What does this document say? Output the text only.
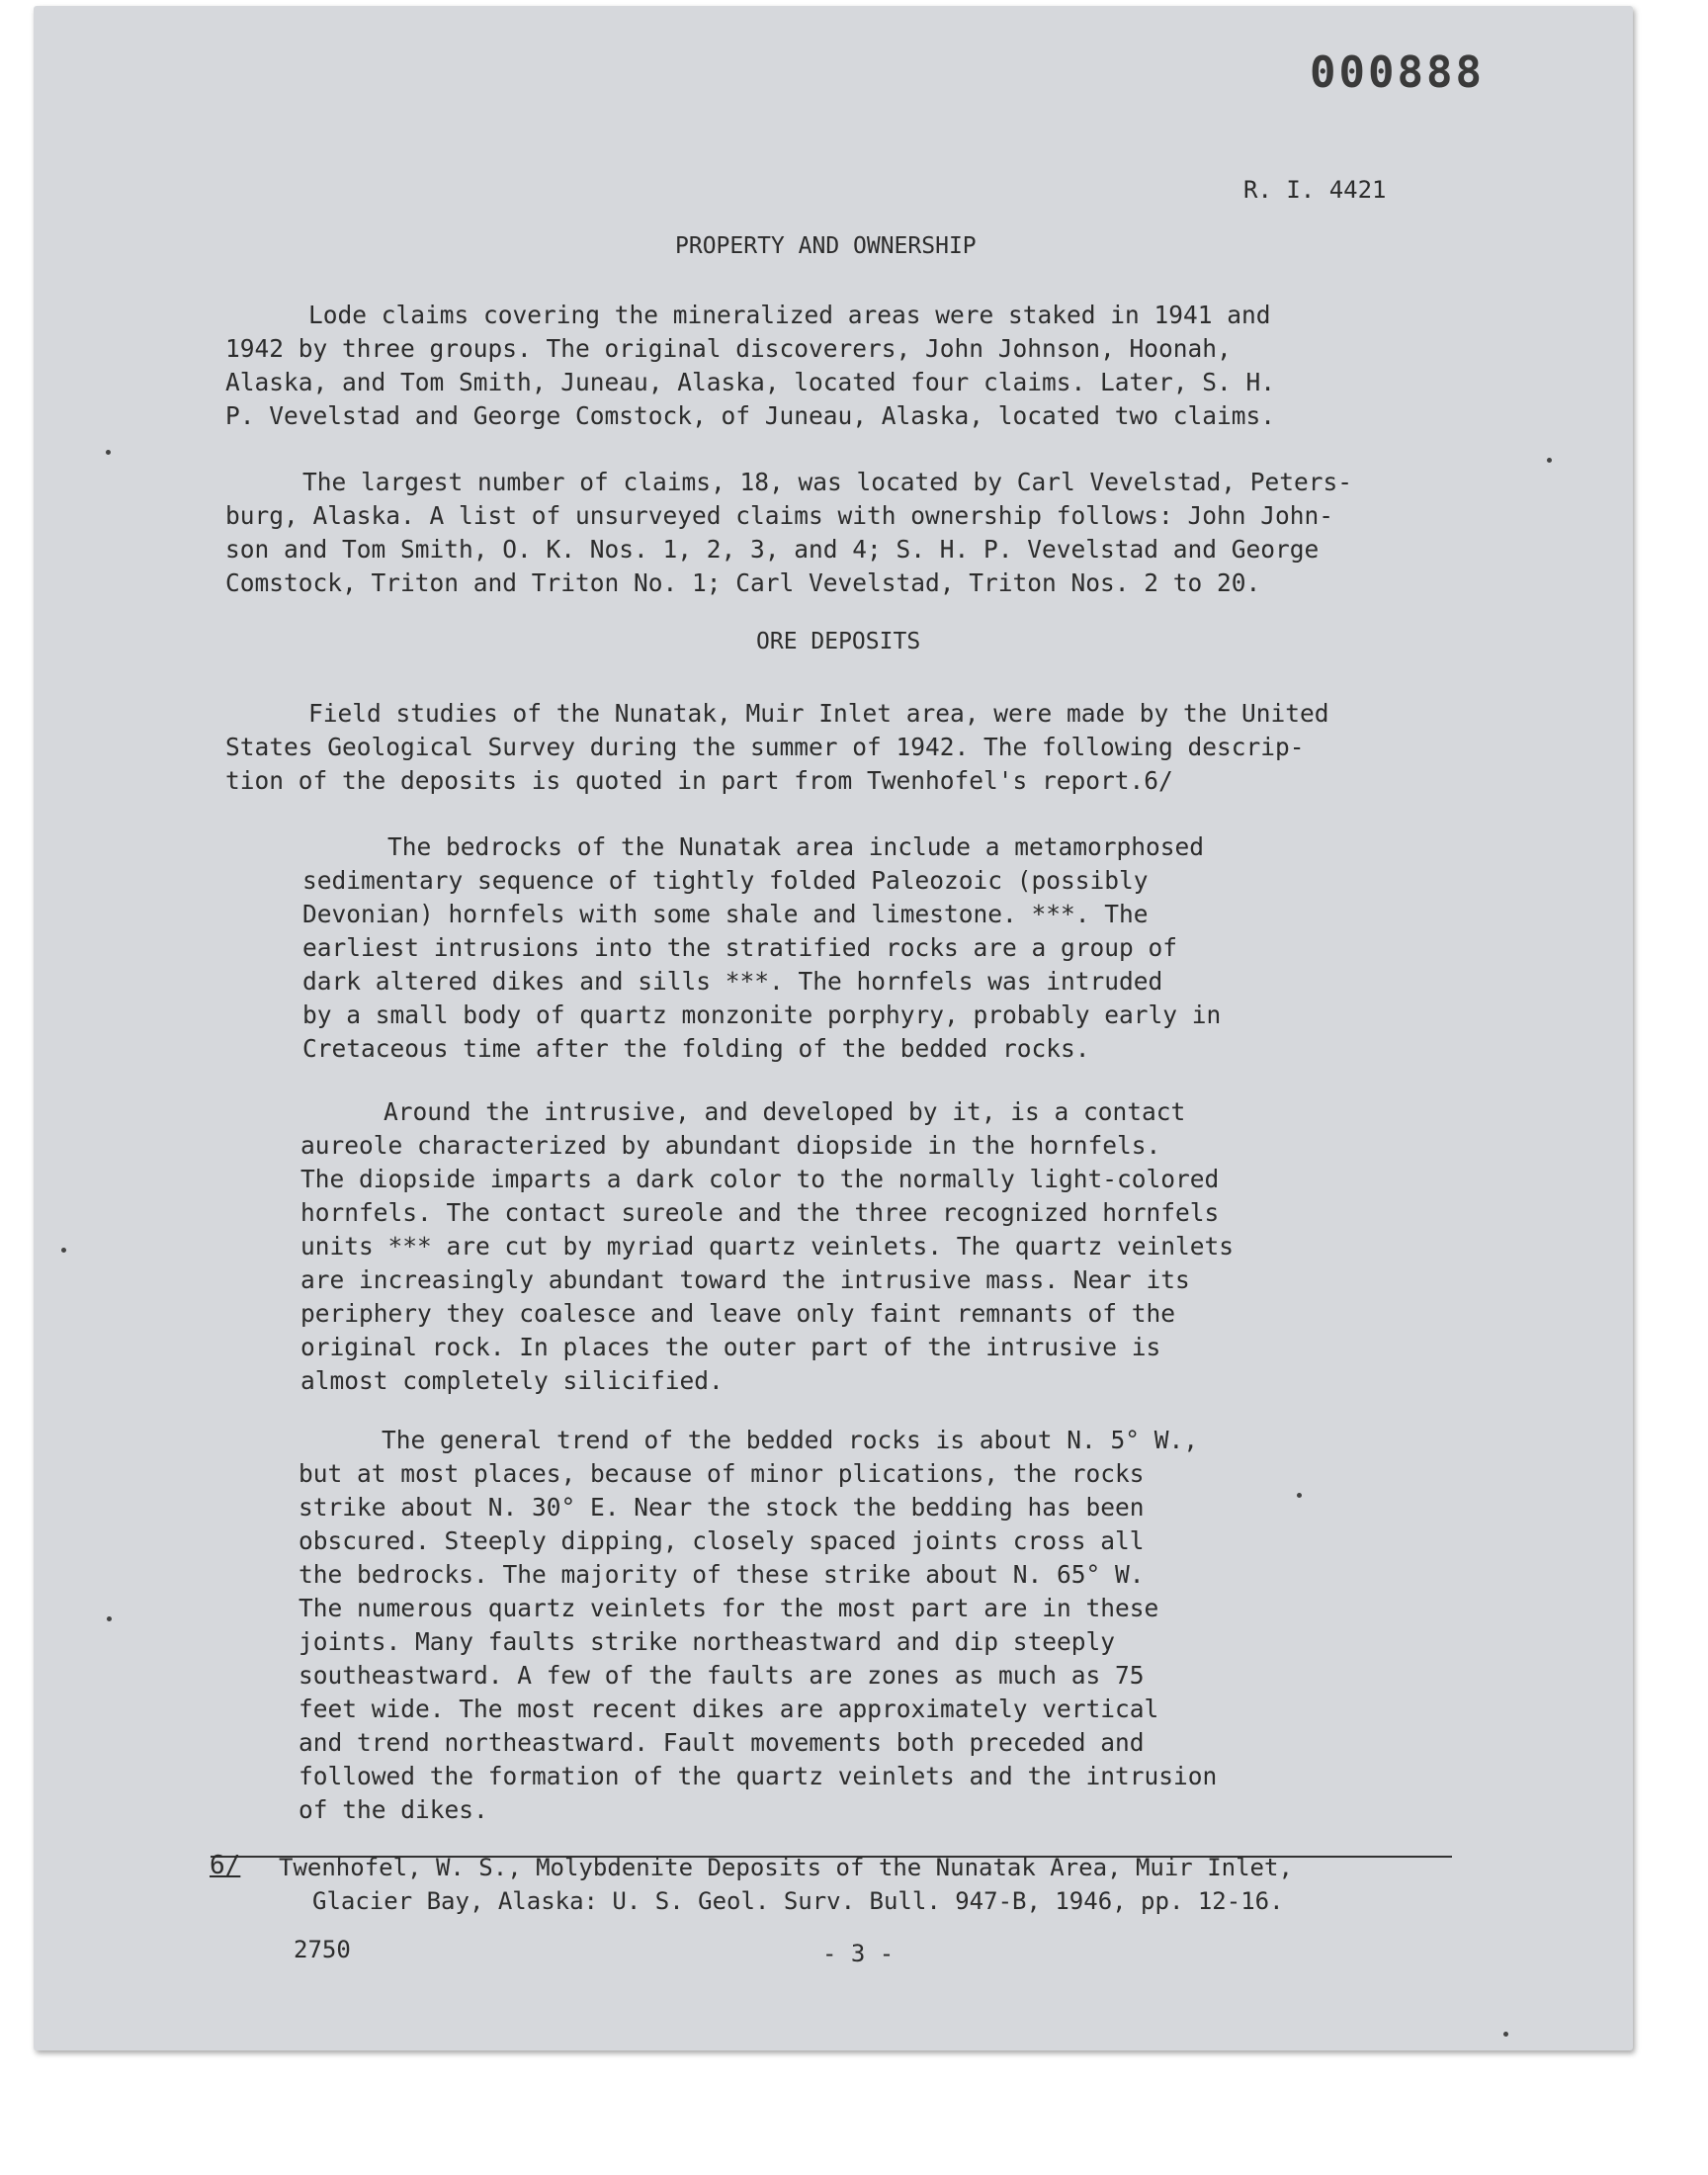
000888
R. I. 4421
PROPERTY AND OWNERSHIP
Lode claims covering the mineralized areas were staked in 1941 and
1942 by three groups. The original discoverers, John Johnson, Hoonah,
Alaska, and Tom Smith, Juneau, Alaska, located four claims. Later, S. H.
P. Vevelstad and George Comstock, of Juneau, Alaska, located two claims.
The largest number of claims, 18, was located by Carl Vevelstad, Peters-
burg, Alaska. A list of unsurveyed claims with ownership follows: John John-
son and Tom Smith, O. K. Nos. 1, 2, 3, and 4; S. H. P. Vevelstad and George
Comstock, Triton and Triton No. 1; Carl Vevelstad, Triton Nos. 2 to 20.
ORE DEPOSITS
Field studies of the Nunatak, Muir Inlet area, were made by the United
States Geological Survey during the summer of 1942. The following descrip-
tion of the deposits is quoted in part from Twenhofel's report.6/
The bedrocks of the Nunatak area include a metamorphosed
sedimentary sequence of tightly folded Paleozoic (possibly
Devonian) hornfels with some shale and limestone. ***. The
earliest intrusions into the stratified rocks are a group of
dark altered dikes and sills ***. The hornfels was intruded
by a small body of quartz monzonite porphyry, probably early in
Cretaceous time after the folding of the bedded rocks.
Around the intrusive, and developed by it, is a contact
aureole characterized by abundant diopside in the hornfels.
The diopside imparts a dark color to the normally light-colored
hornfels. The contact sureole and the three recognized hornfels
units *** are cut by myriad quartz veinlets. The quartz veinlets
are increasingly abundant toward the intrusive mass. Near its
periphery they coalesce and leave only faint remnants of the
original rock. In places the outer part of the intrusive is
almost completely silicified.
The general trend of the bedded rocks is about N. 5° W.,
but at most places, because of minor plications, the rocks
strike about N. 30° E. Near the stock the bedding has been
obscured. Steeply dipping, closely spaced joints cross all
the bedrocks. The majority of these strike about N. 65° W.
The numerous quartz veinlets for the most part are in these
joints. Many faults strike northeastward and dip steeply
southeastward. A few of the faults are zones as much as 75
feet wide. The most recent dikes are approximately vertical
and trend northeastward. Fault movements both preceded and
followed the formation of the quartz veinlets and the intrusion
of the dikes.
6/ Twenhofel, W. S., Molybdenite Deposits of the Nunatak Area, Muir Inlet,
Glacier Bay, Alaska: U. S. Geol. Surv. Bull. 947-B, 1946, pp. 12-16.
2750	- 3 -
